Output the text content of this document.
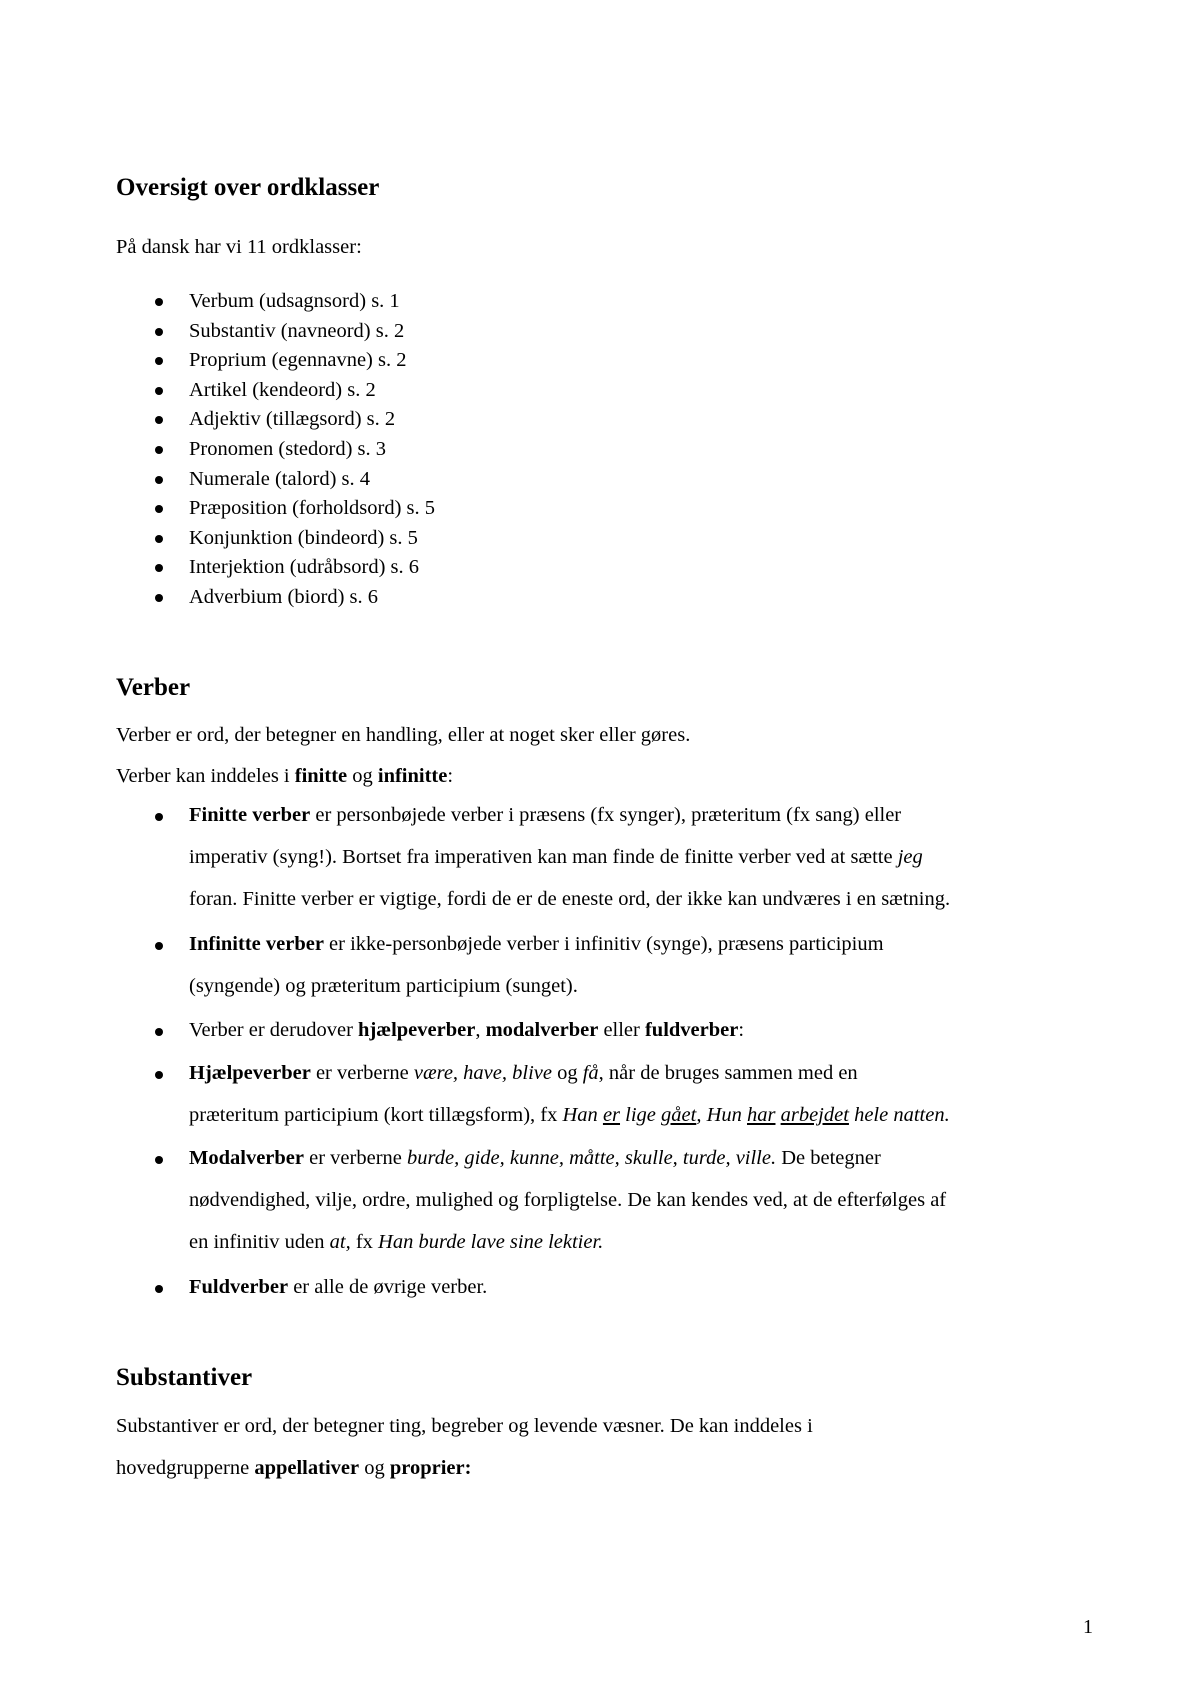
Oversigt over ordklasser
På dansk har vi 11 ordklasser:
Verbum (udsagnsord) s. 1
Substantiv (navneord) s. 2
Proprium (egennavne) s. 2
Artikel (kendeord) s. 2
Adjektiv (tillægsord) s. 2
Pronomen (stedord) s. 3
Numerale (talord) s. 4
Præposition (forholdsord) s. 5
Konjunktion (bindeord) s. 5
Interjektion (udråbsord) s. 6
Adverbium (biord) s. 6
Verber
Verber er ord, der betegner en handling, eller at noget sker eller gøres.
Verber kan inddeles i finitte og infinitte:
Finitte verber er personbøjede verber i præsens (fx synger), præteritum (fx sang) eller
imperativ (syng!). Bortset fra imperativen kan man finde de finitte verber ved at sætte jeg
foran. Finitte verber er vigtige, fordi de er de eneste ord, der ikke kan undværes i en sætning.
Infinitte verber er ikke-personbøjede verber i infinitiv (synge), præsens participium
(syngende) og præteritum participium (sunget).
Verber er derudover hjælpeverber, modalverber eller fuldverber:
Hjælpeverber er verberne være, have, blive og få, når de bruges sammen med en
præteritum participium (kort tillægsform), fx Han er lige gået, Hun har arbejdet hele natten.
Modalverber er verberne burde, gide, kunne, måtte, skulle, turde, ville. De betegner
nødvendighed, vilje, ordre, mulighed og forpligtelse. De kan kendes ved, at de efterfølges af
en infinitiv uden at, fx Han burde lave sine lektier.
Fuldverber er alle de øvrige verber.
Substantiver
Substantiver er ord, der betegner ting, begreber og levende væsner. De kan inddeles i
hovedgrupperne appellativer og proprier:
1
